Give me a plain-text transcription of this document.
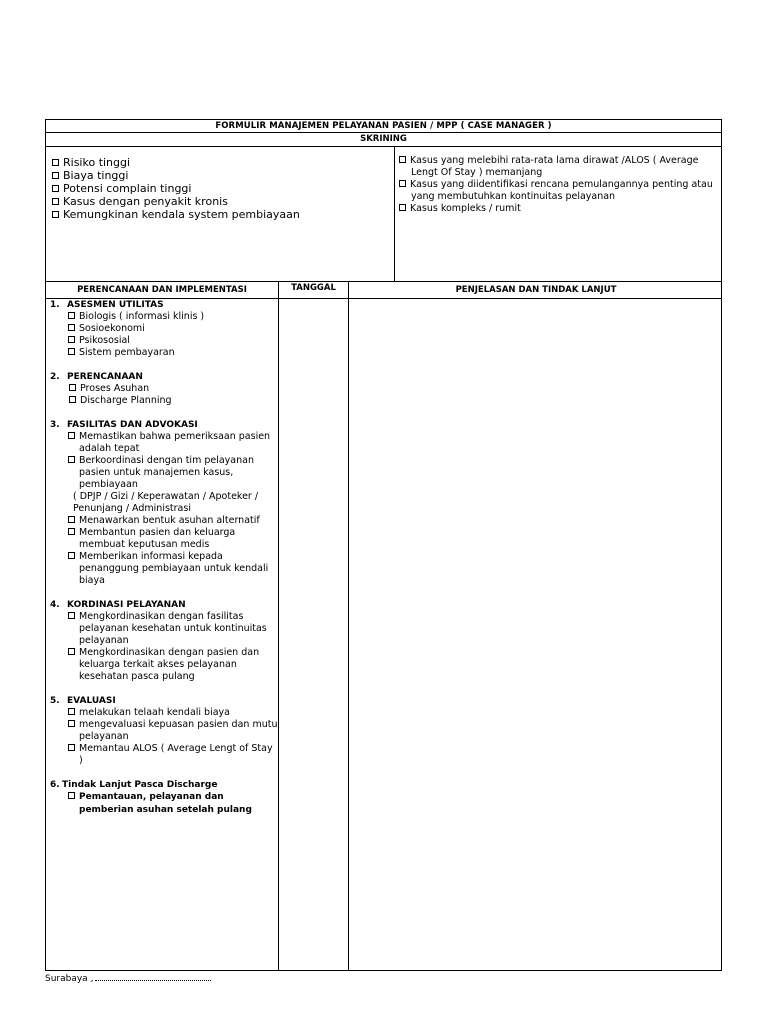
FORMULIR MANAJEMEN PELAYANAN PASIEN / MPP ( CASE MANAGER )
SKRINING
Risiko tinggi
Biaya tinggi
Potensi complain tinggi
Kasus dengan penyakit kronis
Kemungkinan kendala system pembiayaan
Kasus yang melebihi rata-rata lama dirawat /ALOS ( Average Lengt Of Stay ) memanjang
Kasus yang diidentifikasi rencana pemulangannya penting atau yang membutuhkan kontinuitas pelayanan
Kasus kompleks / rumit
PERENCANAAN DAN IMPLEMENTASI	TANGGAL	PENJELASAN DAN TINDAK LANJUT
1. ASESMEN UTILITAS
Biologis ( informasi klinis )
Sosioekonomi
Psikososial
Sistem pembayaran
2. PERENCANAAN
Proses Asuhan
Discharge Planning
3. FASILITAS DAN ADVOKASI
Memastikan bahwa pemeriksaan pasien adalah tepat
Berkoordinasi dengan tim pelayanan pasien untuk manajemen kasus, pembiayaan
( DPJP / Gizi / Keperawatan / Apoteker / Penunjang / Administrasi
Menawarkan bentuk asuhan alternatif
Membantun pasien dan keluarga membuat keputusan medis
Memberikan informasi kepada penanggung pembiayaan untuk kendali biaya
4. KORDINASI PELAYANAN
Mengkordinasikan dengan fasilitas pelayanan kesehatan untuk kontinuitas pelayanan
Mengkordinasikan dengan pasien dan keluarga terkait akses pelayanan kesehatan pasca pulang
5. EVALUASI
melakukan telaah kendali biaya
mengevaluasi kepuasan pasien dan mutu pelayanan
Memantau ALOS ( Average Lengt of Stay )
6. Tindak Lanjut Pasca Discharge
Pemantauan, pelayanan dan pemberian asuhan setelah pulang
Surabaya ,
